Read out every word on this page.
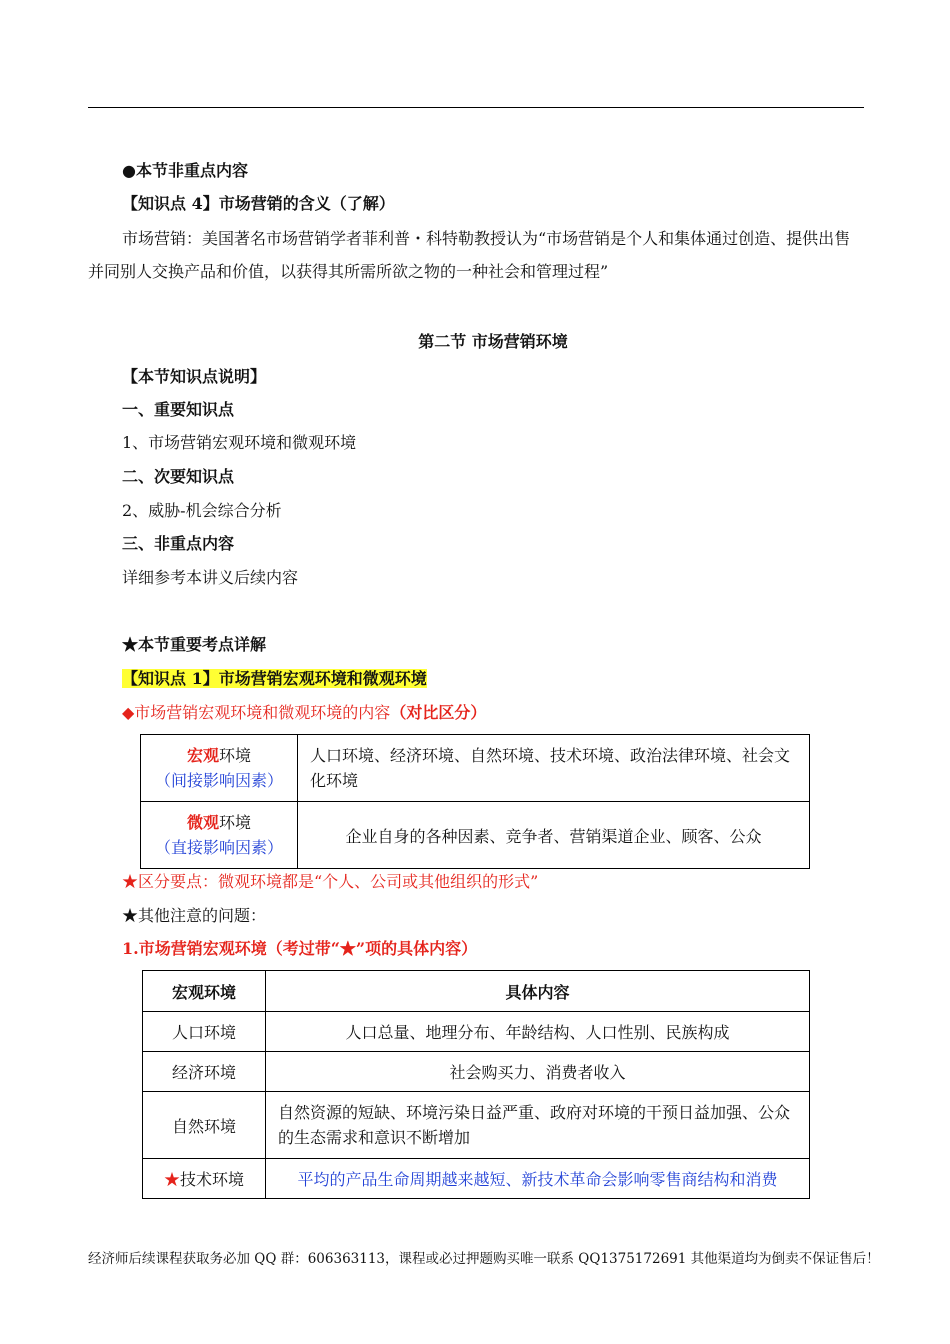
●本节非重点内容
【知识点 4】市场营销的含义（了解）
市场营销：美国著名市场营销学者菲利普・科特勒教授认为“市场营销是个人和集体通过创造、提供出售并同别人交换产品和价值，以获得其所需所欲之物的一种社会和管理过程”
第二节 市场营销环境
【本节知识点说明】
一、重要知识点
1、市场营销宏观环境和微观环境
二、次要知识点
2、威胁-机会综合分析
三、非重点内容
详细参考本讲义后续内容
★本节重要考点详解
【知识点 1】市场营销宏观环境和微观环境
◆市场营销宏观环境和微观环境的内容（对比区分）
宏观环境
（间接影响因素）	人口环境、经济环境、自然环境、技术环境、政治法律环境、社会文化环境

微观环境
（直接影响因素）	企业自身的各种因素、竞争者、营销渠道企业、顾客、公众
★区分要点：微观环境都是“个人、公司或其他组织的形式”
★其他注意的问题：
1.市场营销宏观环境（考过带“★”项的具体内容）
宏观环境	具体内容
人口环境	人口总量、地理分布、年龄结构、人口性别、民族构成
经济环境	社会购买力、消费者收入
自然环境	自然资源的短缺、环境污染日益严重、政府对环境的干预日益加强、公众的生态需求和意识不断增加
★技术环境	平均的产品生命周期越来越短、新技术革命会影响零售商结构和消费
经济师后续课程获取务必加 QQ 群：606363113，课程或必过押题购买唯一联系 QQ1375172691 其他渠道均为倒卖不保证售后！
